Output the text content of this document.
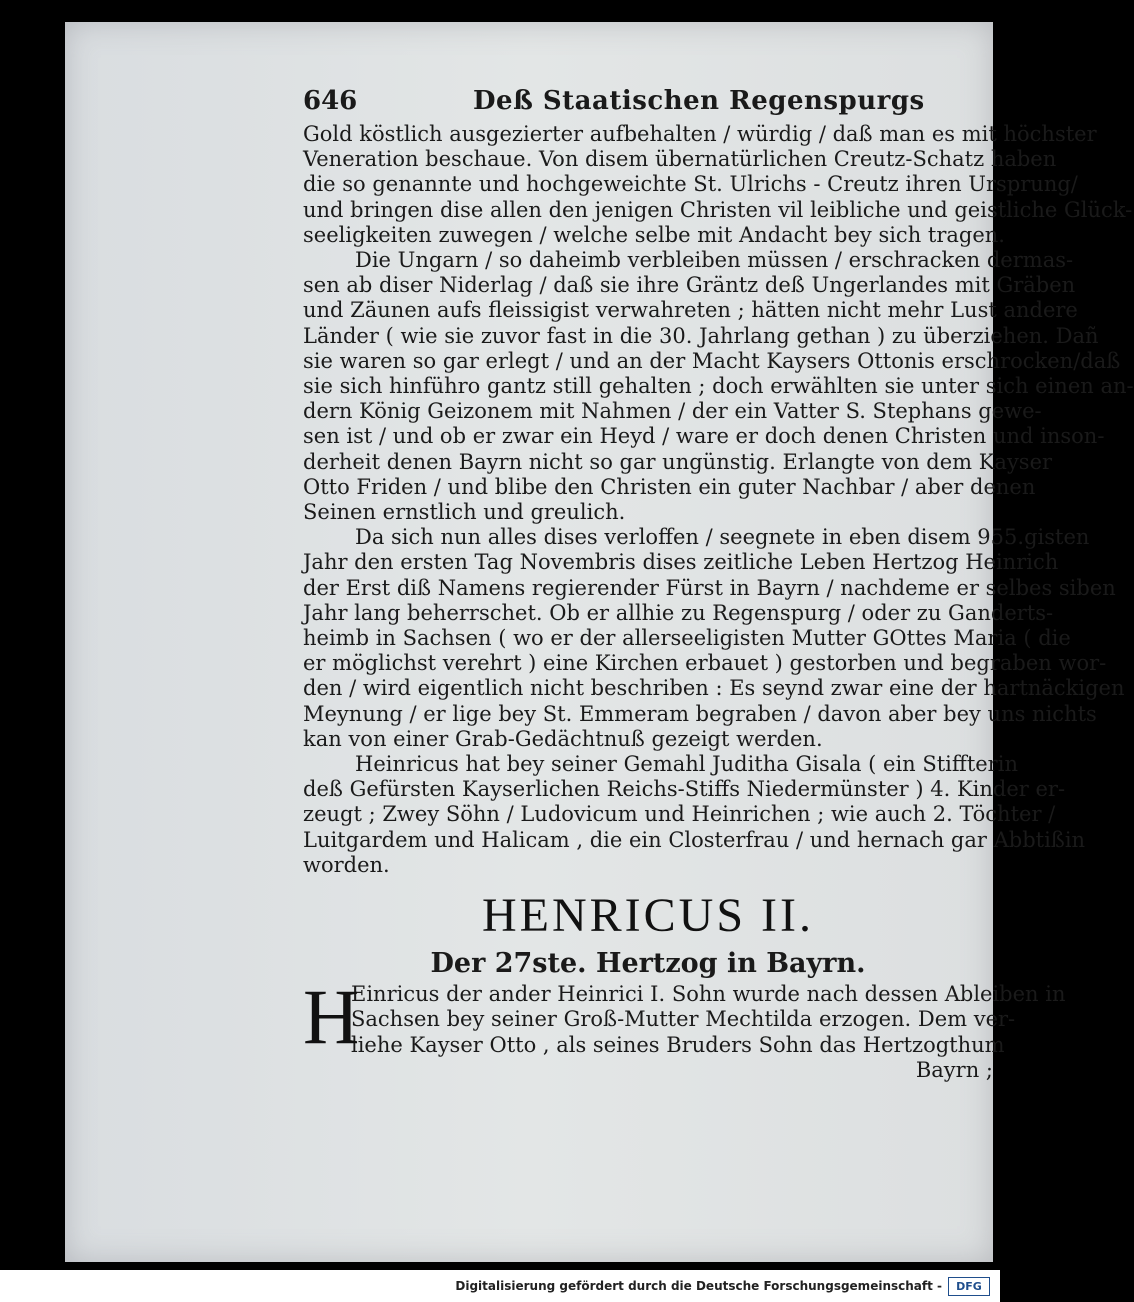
646	Deß Staatischen Regenspurgs

Gold köstlich ausgezierter aufbehalten / würdig / daß man es mit höchster
Veneration beschaue. Von disem übernatürlichen Creutz-Schatz haben
die so genannte und hochgeweichte St. Ulrichs - Creutz ihren Ursprung/
und bringen dise allen den jenigen Christen vil leibliche und geistliche Glück-
seeligkeiten zuwegen / welche selbe mit Andacht bey sich tragen.

Die Ungarn / so daheimb verbleiben müssen / erschracken dermas-
sen ab diser Niderlag / daß sie ihre Gräntz deß Ungerlandes mit Gräben
und Zäunen aufs fleissigist verwahreten ; hätten nicht mehr Lust andere
Länder ( wie sie zuvor fast in die 30. Jahrlang gethan ) zu überziehen. Dañ
sie waren so gar erlegt / und an der Macht Kaysers Ottonis erschrocken/daß
sie sich hinführo gantz still gehalten ; doch erwählten sie unter sich einen an-
dern König Geizonem mit Nahmen / der ein Vatter S. Stephans gewe-
sen ist / und ob er zwar ein Heyd / ware er doch denen Christen und inson-
derheit denen Bayrn nicht so gar ungünstig. Erlangte von dem Kayser
Otto Friden / und blibe den Christen ein guter Nachbar / aber denen
Seinen ernstlich und greulich.

Da sich nun alles dises verloffen / seegnete in eben disem 955.gisten
Jahr den ersten Tag Novembris dises zeitliche Leben Hertzog Heinrich
der Erst diß Namens regierender Fürst in Bayrn / nachdeme er selbes siben
Jahr lang beherrschet. Ob er allhie zu Regenspurg / oder zu Ganderts-
heimb in Sachsen ( wo er der allerseeligisten Mutter GOttes Maria ( die
er möglichst verehrt ) eine Kirchen erbauet ) gestorben und begraben wor-
den / wird eigentlich nicht beschriben : Es seynd zwar eine der hartnäckigen
Meynung / er lige bey St. Emmeram begraben / davon aber bey uns nichts
kan von einer Grab-Gedächtnuß gezeigt werden.

Heinricus hat bey seiner Gemahl Juditha Gisala ( ein Stiffterin
deß Gefürsten Kayserlichen Reichs-Stiffs Niedermünster ) 4. Kinder er-
zeugt ; Zwey Söhn / Ludovicum und Heinrichen ; wie auch 2. Töchter /
Luitgardem und Halicam , die ein Closterfrau / und hernach gar Abbtißin
worden.

HENRICUS II.
Der 27ste. Hertzog in Bayrn.
H

Einricus der ander Heinrici I. Sohn wurde nach dessen Ableiben in
Sachsen bey seiner Groß-Mutter Mechtilda erzogen. Dem ver-
liehe Kayser Otto , als seines Bruders Sohn das Hertzogthum

Bayrn ;

Digitalisierung gefördert durch die Deutsche Forschungsgemeinschaft -	DFG
